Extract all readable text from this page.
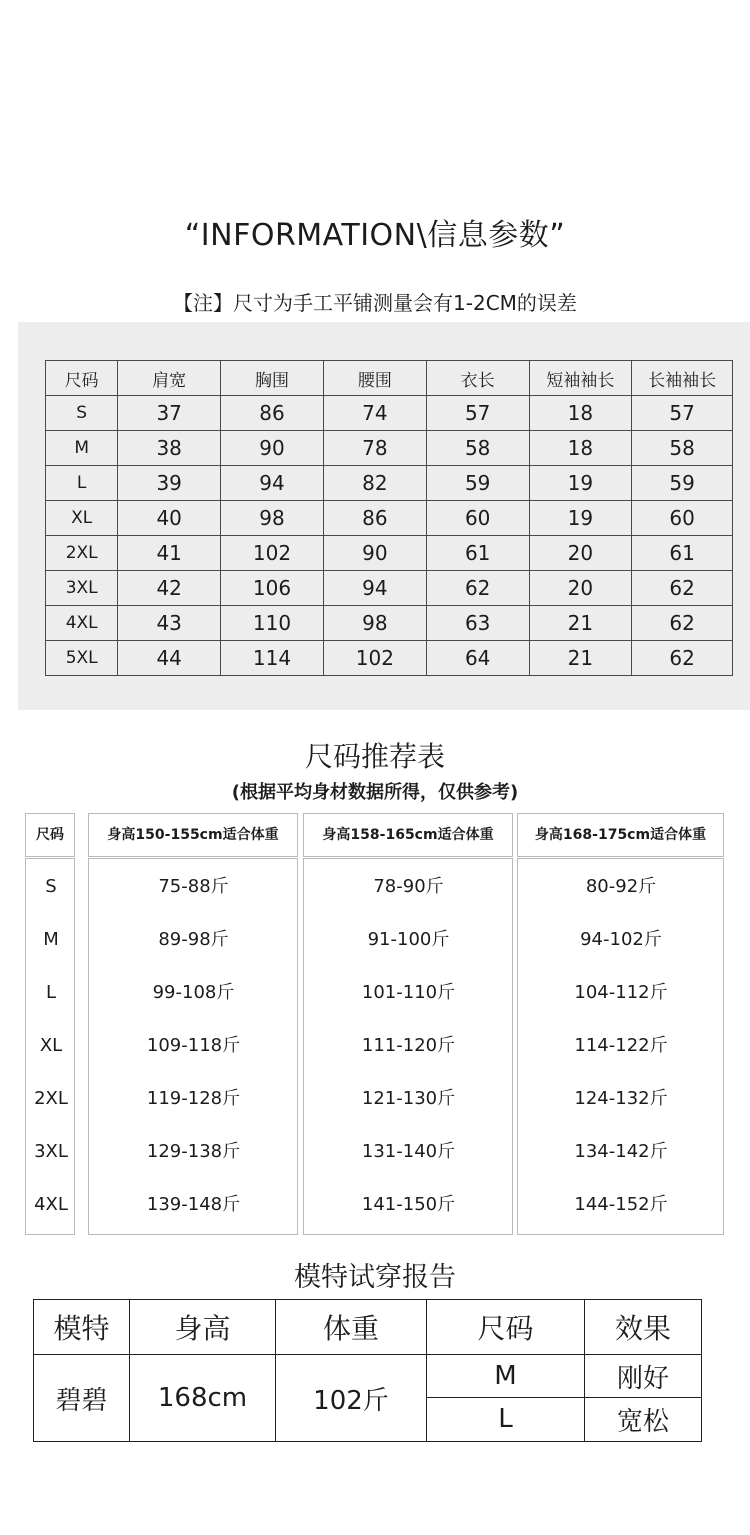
“INFORMATION\信息参数”
【注】尺寸为手工平铺测量会有1-2CM的误差
尺码	肩宽	胸围	腰围	衣长	短袖袖长	长袖袖长
S	37	86	74	57	18	57
M	38	90	78	58	18	58
L	39	94	82	59	19	59
XL	40	98	86	60	19	60
2XL	41	102	90	61	20	61
3XL	42	106	94	62	20	62
4XL	43	110	98	63	21	62
5XL	44	114	102	64	21	62
尺码推荐表
(根据平均身材数据所得，仅供参考)
尺码	身高150-155cm适合体重	身高158-165cm适合体重	身高168-175cm适合体重
S	75-88斤	78-90斤	80-92斤
M	89-98斤	91-100斤	94-102斤
L	99-108斤	101-110斤	104-112斤
XL	109-118斤	111-120斤	114-122斤
2XL	119-128斤	121-130斤	124-132斤
3XL	129-138斤	131-140斤	134-142斤
4XL	139-148斤	141-150斤	144-152斤
模特试穿报告
模特	身高	体重	尺码	效果
碧碧	168cm	102斤	M	刚好
			L	宽松
